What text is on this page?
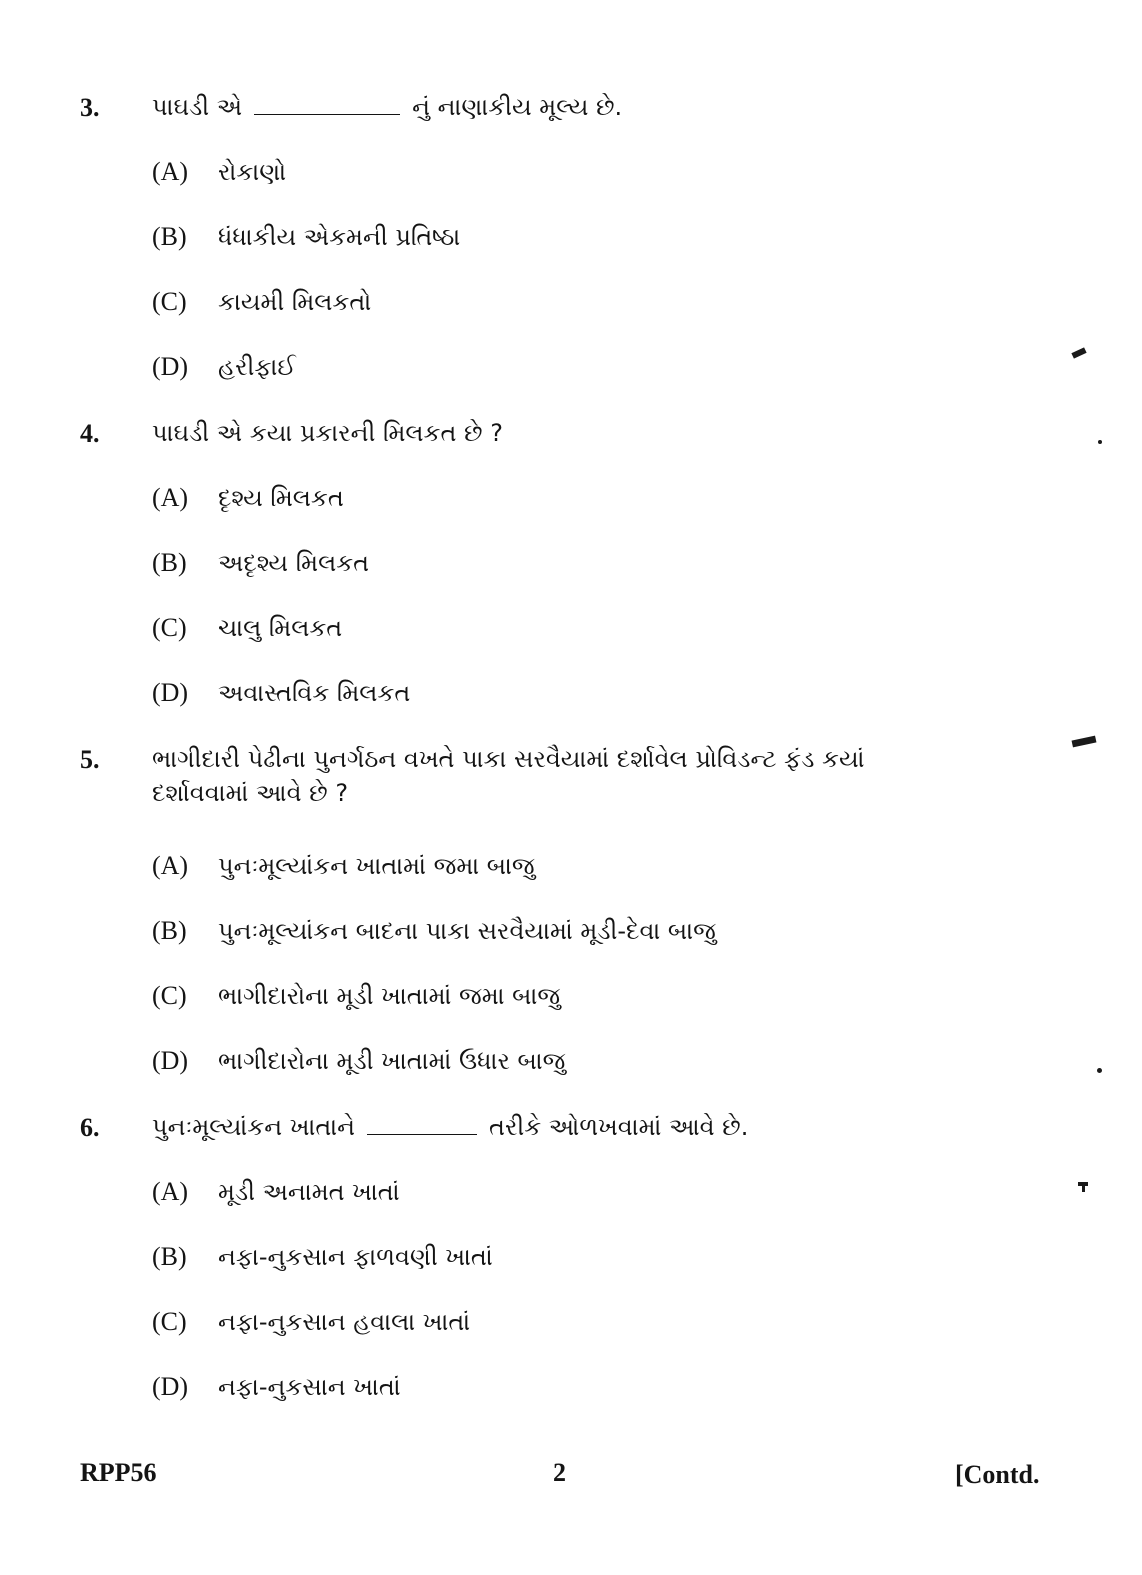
3. પાઘડી એ	નું નાણાકીય મૂલ્ય છે.
(A) રોકાણો
(B) ધંધાકીય એકમની પ્રતિષ્ઠા
(C) કાયમી મિલકતો
(D) હરીફાઈ
4. પાઘડી એ કયા પ્રકારની મિલકત છે ?
(A) દૃશ્ય મિલકત
(B) અદૃશ્ય મિલકત
(C) ચાલુ મિલકત
(D) અવાસ્તવિક મિલકત
5. ભાગીદારી પેઢીના પુનર્ગઠન વખતે પાકા સરવૈયામાં દર્શાવેલ પ્રોવિડન્ટ ફંડ કયાં
દર્શાવવામાં આવે છે ?
(A) પુનઃમૂલ્યાંકન ખાતામાં જમા બાજુ
(B) પુનઃમૂલ્યાંકન બાદના પાકા સરવૈયામાં મૂડી-દેવા બાજુ
(C) ભાગીદારોના મૂડી ખાતામાં જમા બાજુ
(D) ભાગીદારોના મૂડી ખાતામાં ઉધાર બાજુ
6. પુનઃમૂલ્યાંકન ખાતાને	તરીકે ઓળખવામાં આવે છે.
(A) મૂડી અનામત ખાતાં
(B) નફા-નુકસાન ફાળવણી ખાતાં
(C) નફા-નુકસાન હવાલા ખાતાં
(D) નફા-નુકસાન ખાતાં
RPP56	2	[Contd.
